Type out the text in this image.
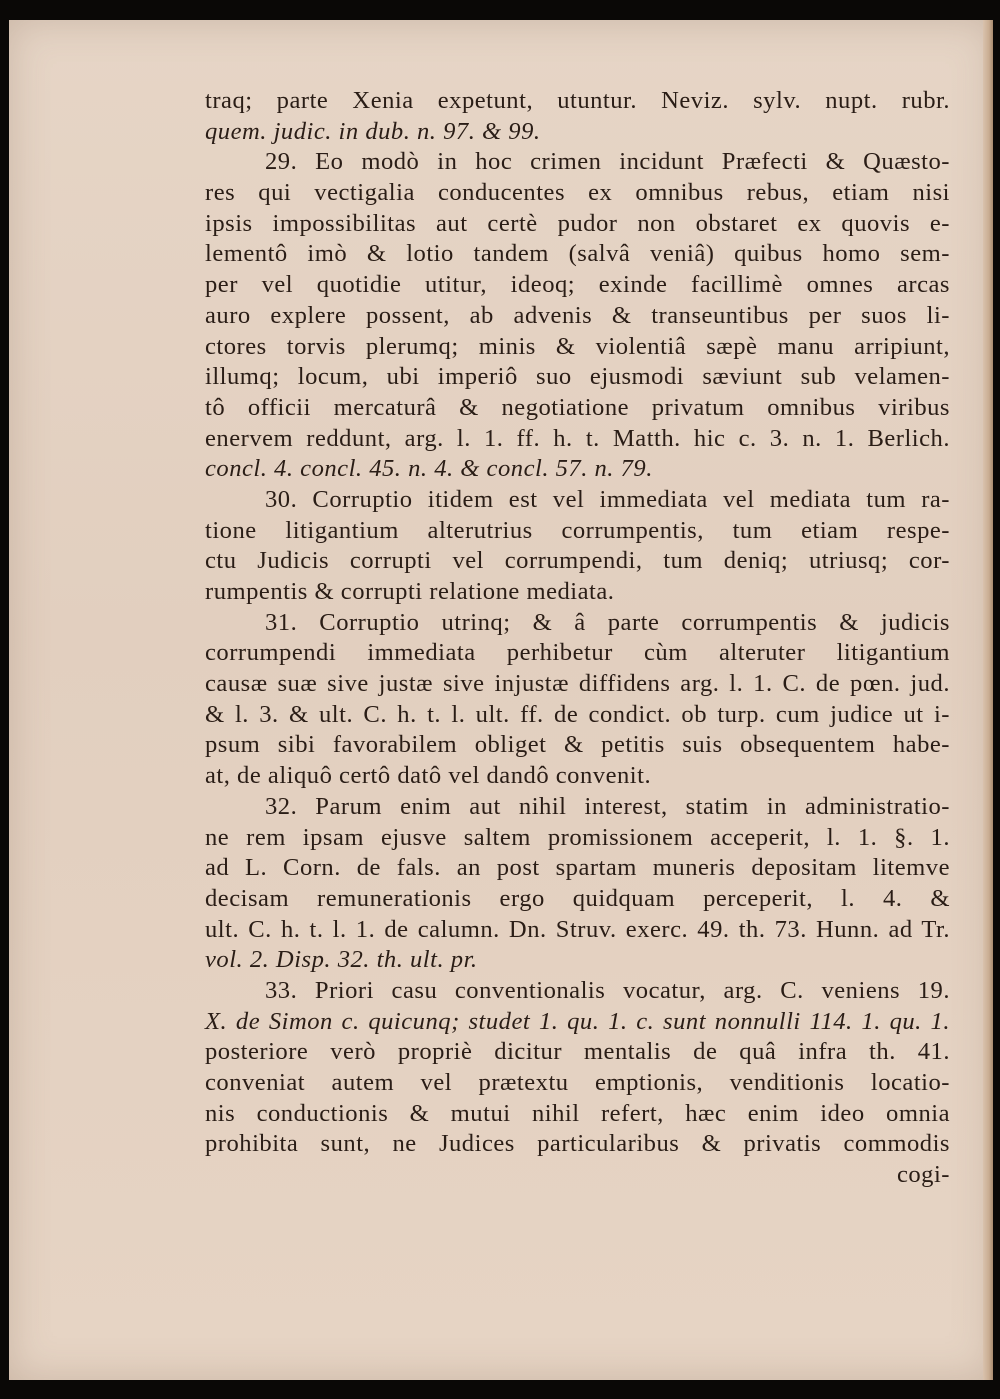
traq; parte Xenia expetunt, utuntur. Neviz. sylv. nupt. rubr.
quem. judic. in dub. n. 97. & 99.
29. Eo modò in hoc crimen incidunt Præfecti & Quæsto-
res qui vectigalia conducentes ex omnibus rebus, etiam nisi
ipsis impossibilitas aut certè pudor non obstaret ex quovis e-
lementô imò & lotio tandem (salvâ veniâ) quibus homo sem-
per vel quotidie utitur, ideoq; exinde facillimè omnes arcas
auro explere possent, ab advenis & transeuntibus per suos li-
ctores torvis plerumq; minis & violentiâ sæpè manu arripiunt,
illumq; locum, ubi imperiô suo ejusmodi sæviunt sub velamen-
tô officii mercaturâ & negotiatione privatum omnibus viribus
enervem reddunt, arg. l. 1. ff. h. t. Matth. hic c. 3. n. 1. Berlich.
concl. 4. concl. 45. n. 4. & concl. 57. n. 79.
30. Corruptio itidem est vel immediata vel mediata tum ra-
tione litigantium alterutrius corrumpentis, tum etiam respe-
ctu Judicis corrupti vel corrumpendi, tum deniq; utriusq; cor-
rumpentis & corrupti relatione mediata.
31. Corruptio utrinq; & â parte corrumpentis & judicis
corrumpendi immediata perhibetur cùm alteruter litigantium
causæ suæ sive justæ sive injustæ diffidens arg. l. 1. C. de pœn. jud.
& l. 3. & ult. C. h. t. l. ult. ff. de condict. ob turp. cum judice ut i-
psum sibi favorabilem obliget & petitis suis obsequentem habe-
at, de aliquô certô datô vel dandô convenit.
32. Parum enim aut nihil interest, statim in administratio-
ne rem ipsam ejusve saltem promissionem acceperit, l. 1. §. 1.
ad L. Corn. de fals. an post spartam muneris depositam litemve
decisam remunerationis ergo quidquam perceperit, l. 4. &
ult. C. h. t. l. 1. de calumn. Dn. Struv. exerc. 49. th. 73. Hunn. ad Tr.
vol. 2. Disp. 32. th. ult. pr.
33. Priori casu conventionalis vocatur, arg. C. veniens 19.
X. de Simon c. quicunq; studet 1. qu. 1. c. sunt nonnulli 114. 1. qu. 1.
posteriore verò propriè dicitur mentalis de quâ infra th. 41.
conveniat autem vel prætextu emptionis, venditionis locatio-
nis conductionis & mutui nihil refert, hæc enim ideo omnia
prohibita sunt, ne Judices particularibus & privatis commodis
cogi-
